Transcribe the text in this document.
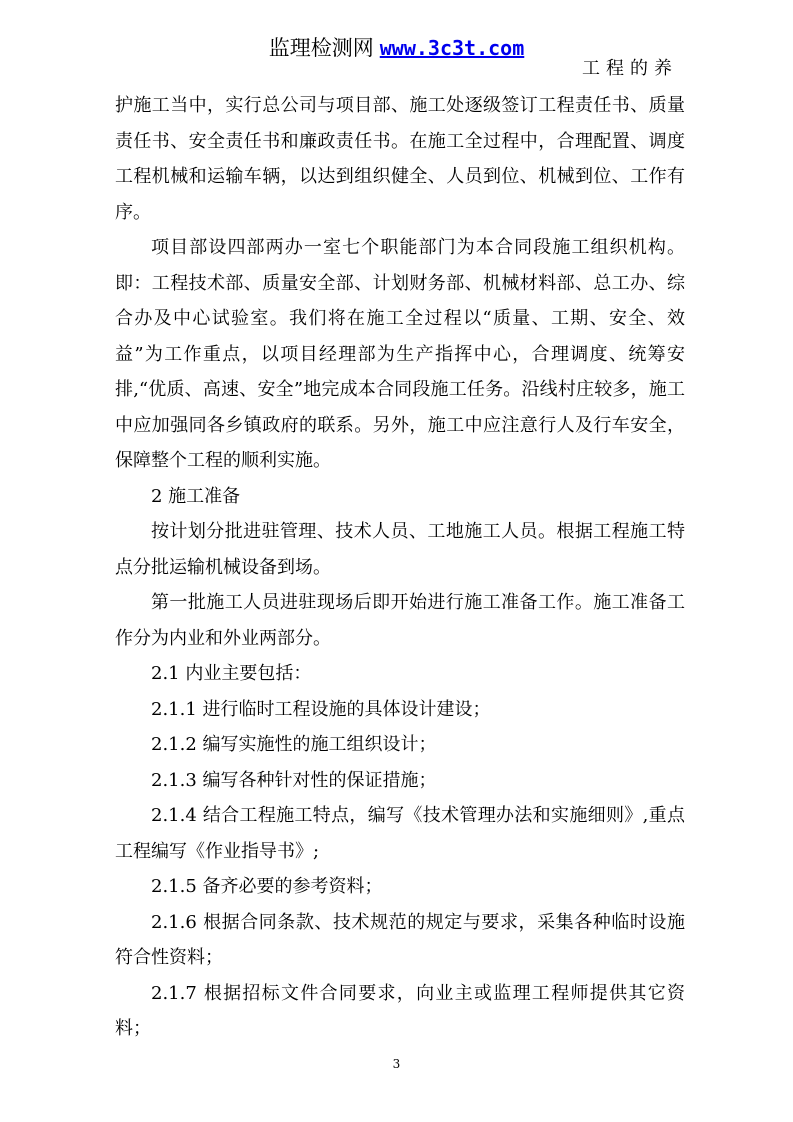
监理检测网 www.3c3t.com
工程的养

护施工当中，实行总公司与项目部、施工处逐级签订工程责任书、质量责任书、安全责任书和廉政责任书。在施工全过程中，合理配置、调度工程机械和运输车辆，以达到组织健全、人员到位、机械到位、工作有序。

项目部设四部两办一室七个职能部门为本合同段施工组织机构。即：工程技术部、质量安全部、计划财务部、机械材料部、总工办、综合办及中心试验室。我们将在施工全过程以“质量、工期、安全、效益”为工作重点，以项目经理部为生产指挥中心，合理调度、统筹安排,“优质、高速、安全”地完成本合同段施工任务。沿线村庄较多，施工中应加强同各乡镇政府的联系。另外，施工中应注意行人及行车安全，保障整个工程的顺利实施。

2 施工准备

按计划分批进驻管理、技术人员、工地施工人员。根据工程施工特点分批运输机械设备到场。

第一批施工人员进驻现场后即开始进行施工准备工作。施工准备工作分为内业和外业两部分。

2.1 内业主要包括：

2.1.1 进行临时工程设施的具体设计建设；

2.1.2 编写实施性的施工组织设计；

2.1.3 编写各种针对性的保证措施；

2.1.4 结合工程施工特点，编写《技术管理办法和实施细则》,重点工程编写《作业指导书》;

2.1.5 备齐必要的参考资料；

2.1.6 根据合同条款、技术规范的规定与要求，采集各种临时设施符合性资料；

2.1.7 根据招标文件合同要求，向业主或监理工程师提供其它资料；

3
